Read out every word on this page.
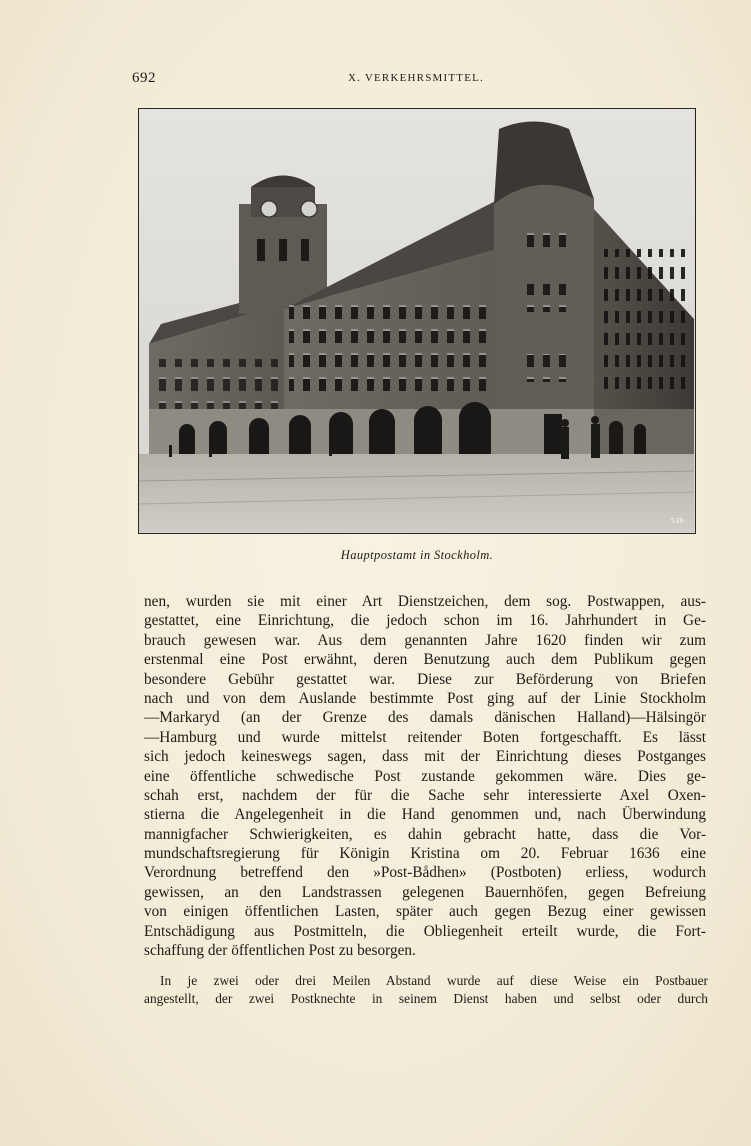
692	X. VERKEHRSMITTEL.
536
Hauptpostamt in Stockholm.
nen, wurden sie mit einer Art Dienstzeichen, dem sog. Postwappen, aus-
gestattet, eine Einrichtung, die jedoch schon im 16. Jahrhundert in Ge-
brauch gewesen war. Aus dem genannten Jahre 1620 finden wir zum
erstenmal eine Post erwähnt, deren Benutzung auch dem Publikum gegen
besondere Gebühr gestattet war. Diese zur Beförderung von Briefen
nach und von dem Auslande bestimmte Post ging auf der Linie Stockholm
—Markaryd (an der Grenze des damals dänischen Halland)—Hälsingör
—Hamburg und wurde mittelst reitender Boten fortgeschafft. Es lässt
sich jedoch keineswegs sagen, dass mit der Einrichtung dieses Postganges
eine öffentliche schwedische Post zustande gekommen wäre. Dies ge-
schah erst, nachdem der für die Sache sehr interessierte Axel Oxen-
stierna die Angelegenheit in die Hand genommen und, nach Überwindung
mannigfacher Schwierigkeiten, es dahin gebracht hatte, dass die Vor-
mundschaftsregierung für Königin Kristina om 20. Februar 1636 eine
Verordnung betreffend den »Post-Bådhen» (Postboten) erliess, wodurch
gewissen, an den Landstrassen gelegenen Bauernhöfen, gegen Befreiung
von einigen öffentlichen Lasten, später auch gegen Bezug einer gewissen
Entschädigung aus Postmitteln, die Obliegenheit erteilt wurde, die Fort-
schaffung der öffentlichen Post zu besorgen.
In je zwei oder drei Meilen Abstand wurde auf diese Weise ein Postbauer
angestellt, der zwei Postknechte in seinem Dienst haben und selbst oder durch
